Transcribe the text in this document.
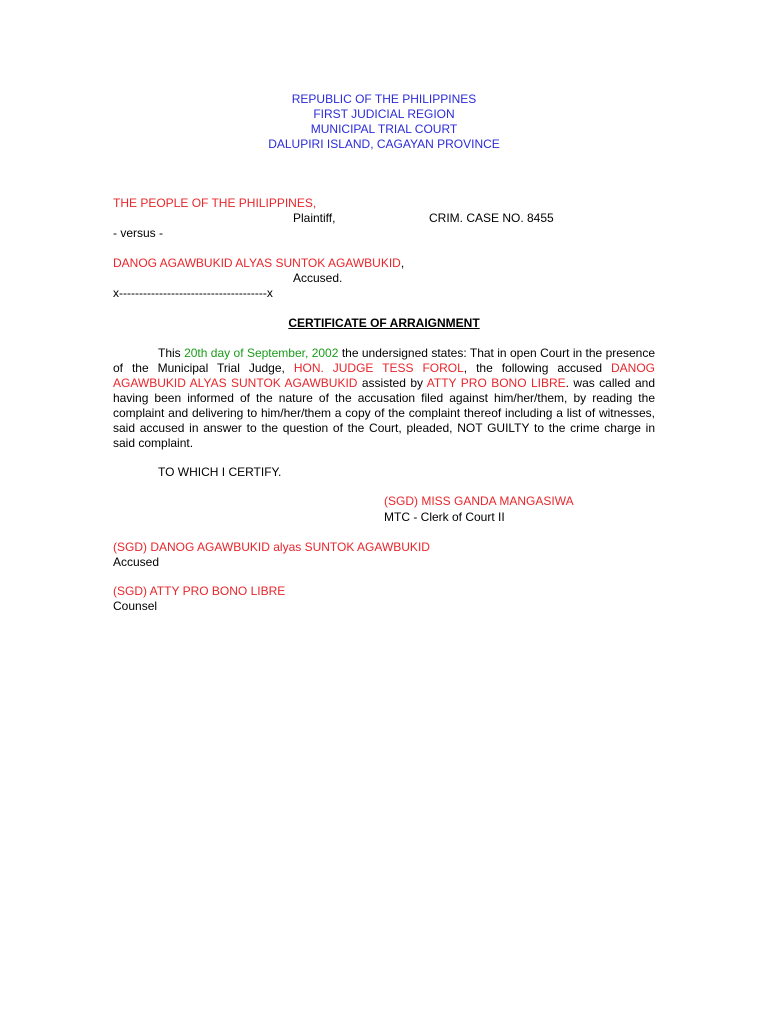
REPUBLIC OF THE PHILIPPINES
FIRST JUDICIAL REGION
MUNICIPAL TRIAL COURT
DALUPIRI ISLAND, CAGAYAN PROVINCE
THE PEOPLE OF THE PHILIPPINES,
Plaintiff,	CRIM. CASE NO. 8455
- versus -
DANOG AGAWBUKID ALYAS SUNTOK AGAWBUKID,
Accused.
x-------------------------------------x
CERTIFICATE OF ARRAIGNMENT
This 20th day of September, 2002 the undersigned states: That in open Court in the presence of the Municipal Trial Judge, HON. JUDGE TESS FOROL, the following accused DANOG AGAWBUKID ALYAS SUNTOK AGAWBUKID assisted by ATTY PRO BONO LIBRE. was called and having been informed of the nature of the accusation filed against him/her/them, by reading the complaint and delivering to him/her/them a copy of the complaint thereof including a list of witnesses, said accused in answer to the question of the Court, pleaded, NOT GUILTY to the crime charge in said complaint.
TO WHICH I CERTIFY.
(SGD) MISS GANDA MANGASIWA
MTC - Clerk of Court II
(SGD) DANOG AGAWBUKID alyas SUNTOK AGAWBUKID
Accused
(SGD) ATTY PRO BONO LIBRE
Counsel
